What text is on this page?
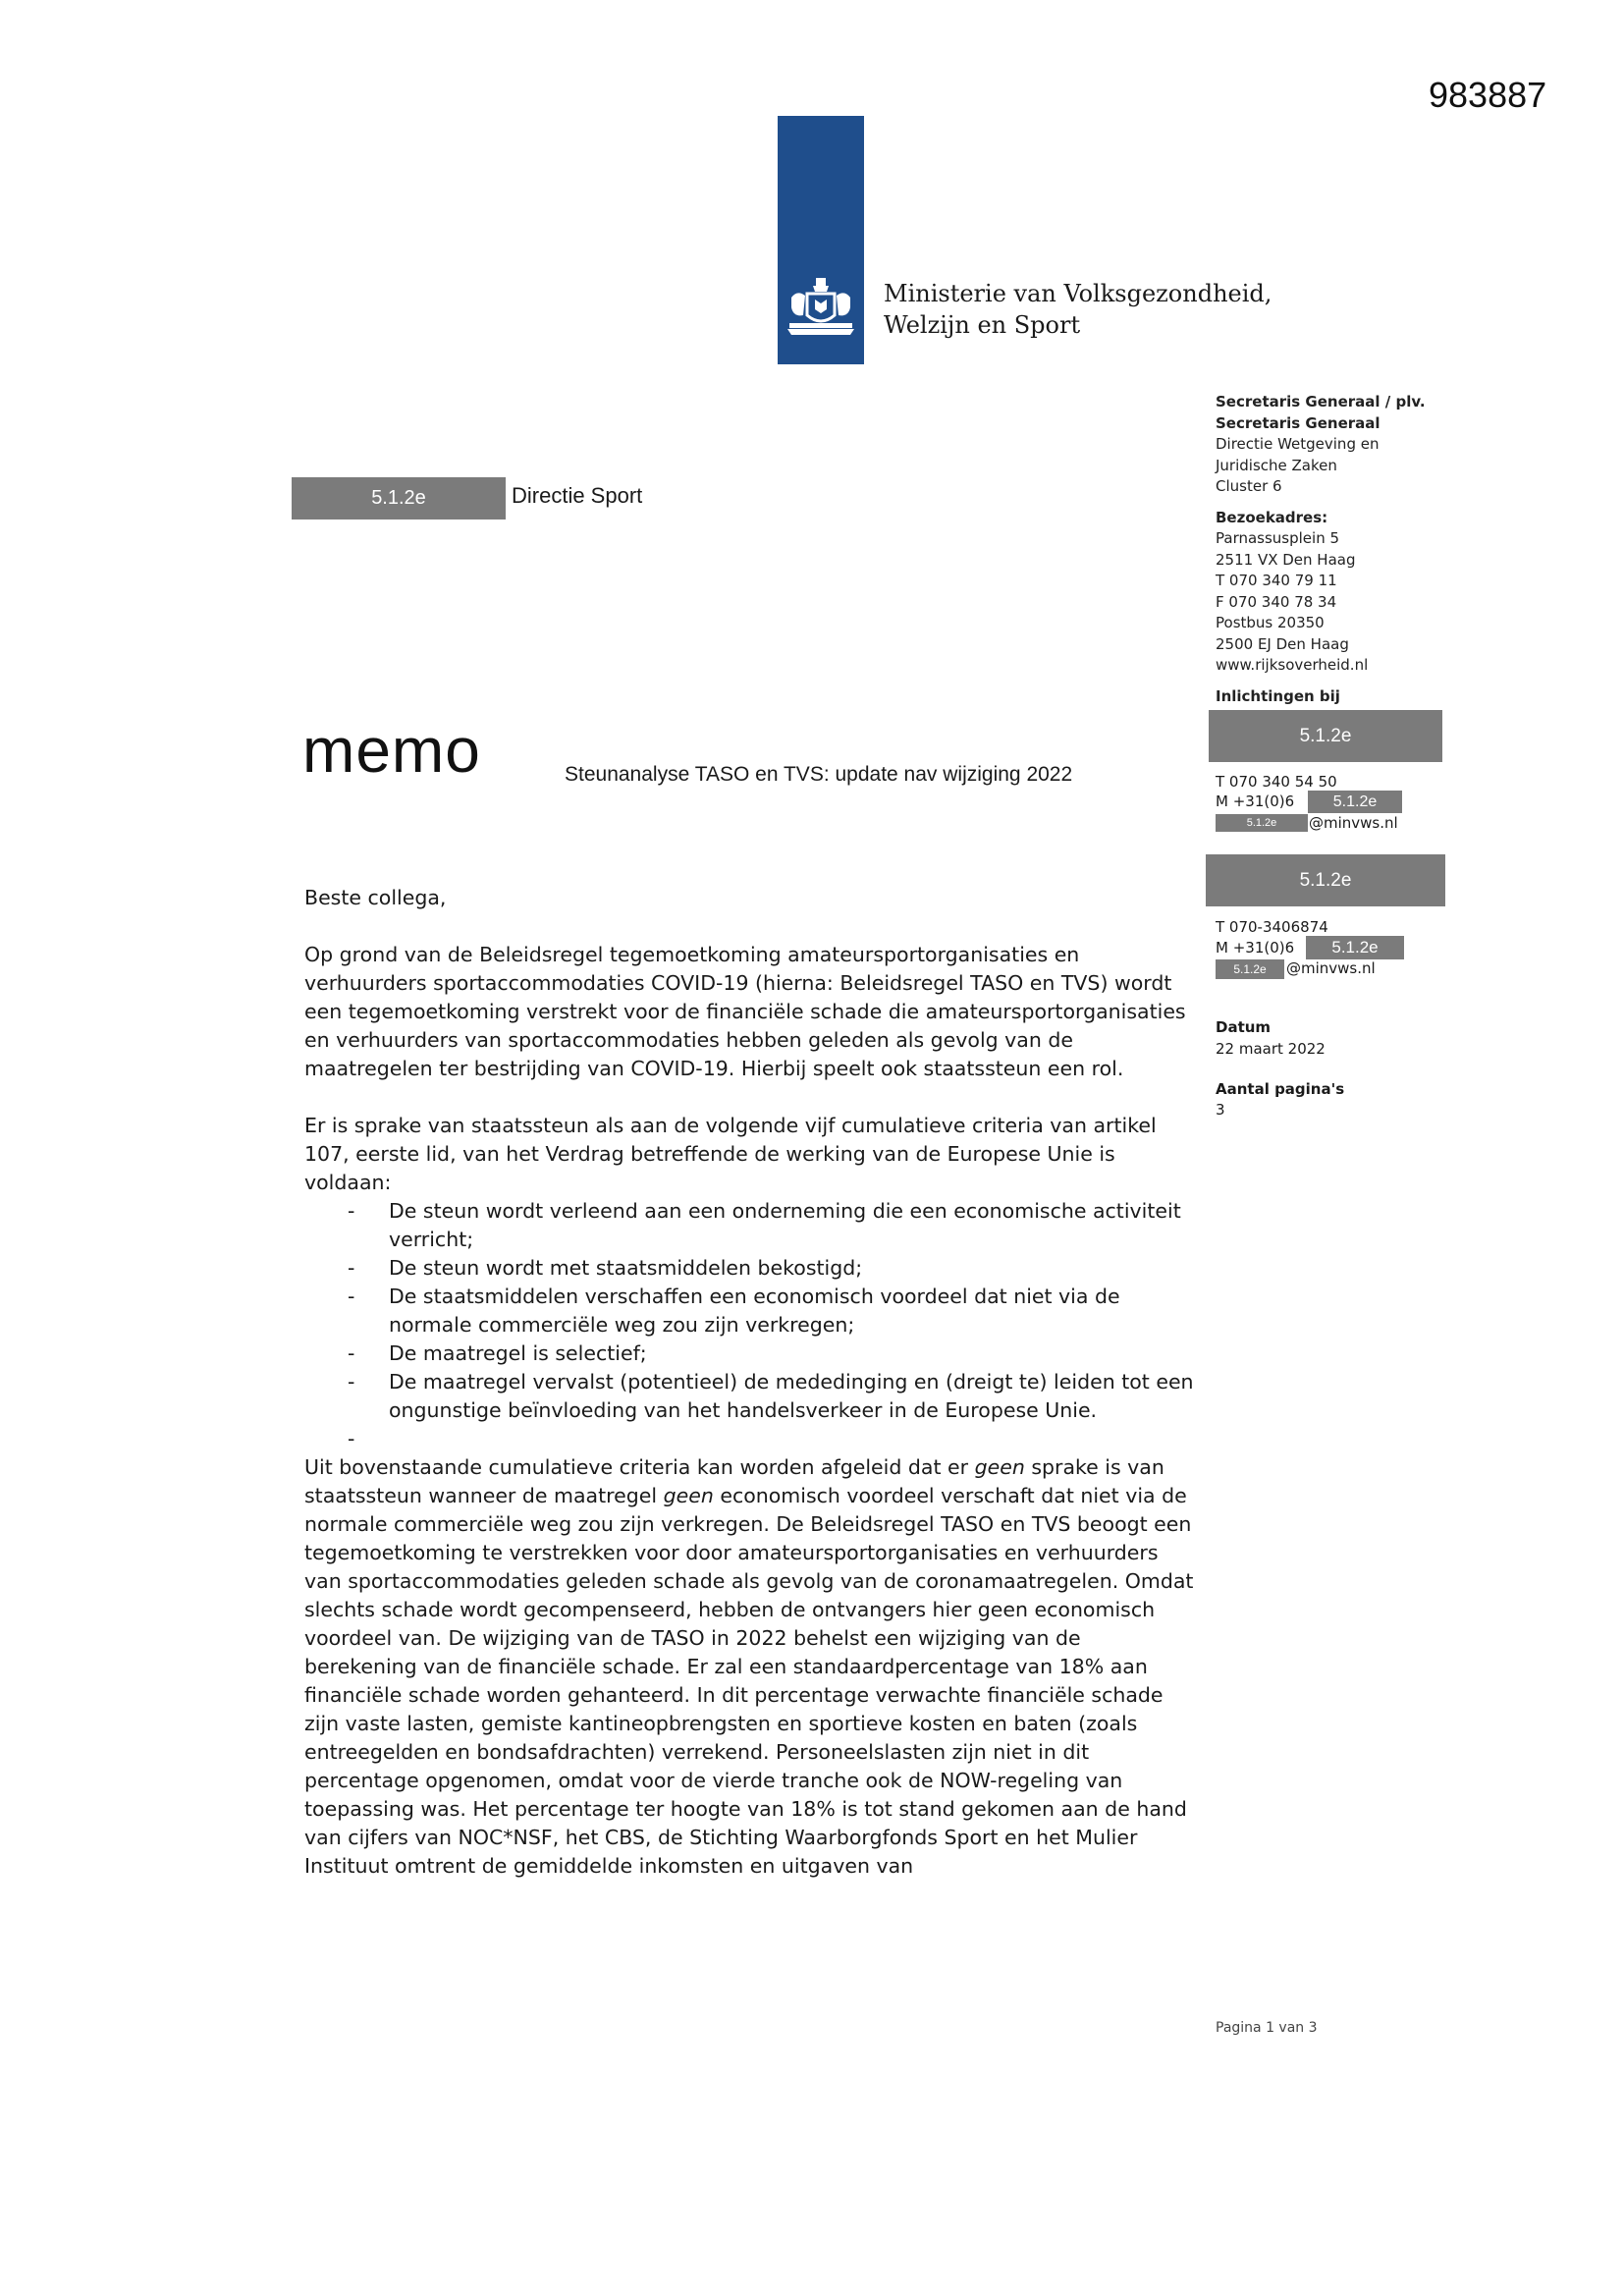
983887
Ministerie van Volksgezondheid,
Welzijn en Sport
5.1.2e	Directie Sport
Secretaris Generaal / plv.
Secretaris Generaal
Directie Wetgeving en
Juridische Zaken
Cluster 6
Bezoekadres:
Parnassusplein 5
2511 VX Den Haag
T 070 340 79 11
F 070 340 78 34
Postbus 20350
2500 EJ Den Haag
www.rijksoverheid.nl
Inlichtingen bij
5.1.2e
T 070 340 54 50
M +31(0)6	5.1.2e
5.1.2e	@minvws.nl
5.1.2e
T 070-3406874
M +31(0)6	5.1.2e
5.1.2e	@minvws.nl
Datum
22 maart 2022
Aantal pagina's
3
memo	Steunanalyse TASO en TVS: update nav wijziging 2022

Beste collega,

Op grond van de Beleidsregel tegemoetkoming amateursportorganisaties en verhuurders sportaccommodaties COVID-19 (hierna: Beleidsregel TASO en TVS) wordt een tegemoetkoming verstrekt voor de financiële schade die amateursportorganisaties en verhuurders van sportaccommodaties hebben geleden als gevolg van de maatregelen ter bestrijding van COVID-19. Hierbij speelt ook staatssteun een rol.

Er is sprake van staatssteun als aan de volgende vijf cumulatieve criteria van artikel 107, eerste lid, van het Verdrag betreffende de werking van de Europese Unie is voldaan:

- De steun wordt verleend aan een onderneming die een economische activiteit verricht;
- De steun wordt met staatsmiddelen bekostigd;
- De staatsmiddelen verschaffen een economisch voordeel dat niet via de normale commerciële weg zou zijn verkregen;
- De maatregel is selectief;
- De maatregel vervalst (potentieel) de mededinging en (dreigt te) leiden tot een ongunstige beïnvloeding van het handelsverkeer in de Europese Unie.
-

Uit bovenstaande cumulatieve criteria kan worden afgeleid dat er geen sprake is van staatssteun wanneer de maatregel geen economisch voordeel verschaft dat niet via de normale commerciële weg zou zijn verkregen. De Beleidsregel TASO en TVS beoogt een tegemoetkoming te verstrekken voor door amateursportorganisaties en verhuurders van sportaccommodaties geleden schade als gevolg van de coronamaatregelen. Omdat slechts schade wordt gecompenseerd, hebben de ontvangers hier geen economisch voordeel van. De wijziging van de TASO in 2022 behelst een wijziging van de berekening van de financiële schade. Er zal een standaardpercentage van 18% aan financiële schade worden gehanteerd. In dit percentage verwachte financiële schade zijn vaste lasten, gemiste kantineopbrengsten en sportieve kosten en baten (zoals entreegelden en bondsafdrachten) verrekend. Personeelslasten zijn niet in dit percentage opgenomen, omdat voor de vierde tranche ook de NOW-regeling van toepassing was. Het percentage ter hoogte van 18% is tot stand gekomen aan de hand van cijfers van NOC*NSF, het CBS, de Stichting Waarborgfonds Sport en het Mulier Instituut omtrent de gemiddelde inkomsten en uitgaven van

Pagina 1 van 3
